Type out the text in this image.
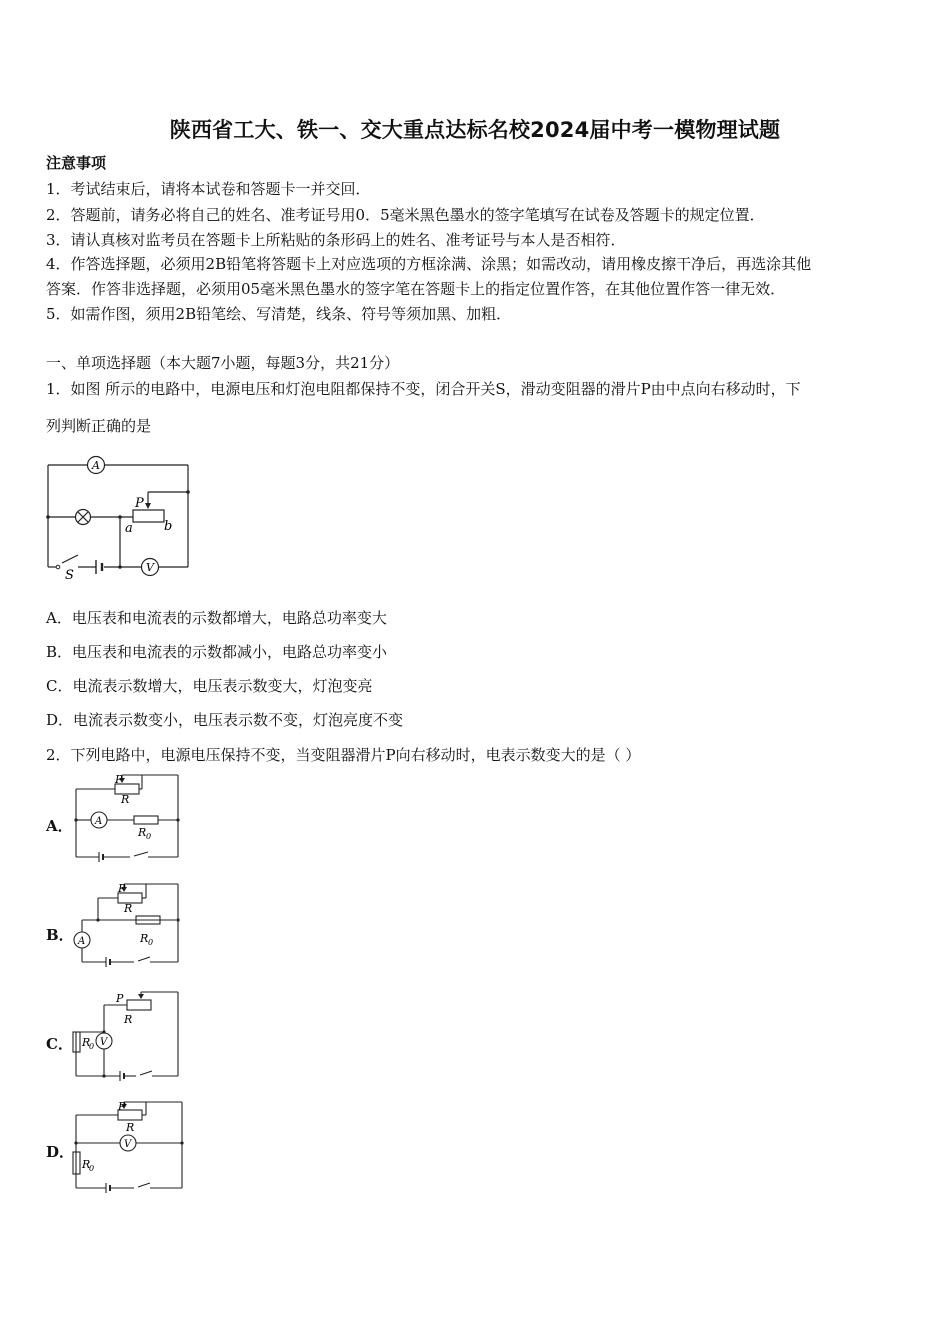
陕西省工大、铁一、交大重点达标名校2024届中考一模物理试题
注意事项
1．考试结束后，请将本试卷和答题卡一并交回．
2．答题前，请务必将自己的姓名、准考证号用0．5毫米黑色墨水的签字笔填写在试卷及答题卡的规定位置．
3．请认真核对监考员在答题卡上所粘贴的条形码上的姓名、准考证号与本人是否相符．
4．作答选择题，必须用2B铅笔将答题卡上对应选项的方框涂满、涂黑；如需改动，请用橡皮擦干净后，再选涂其他
答案．作答非选择题，必须用05毫米黑色墨水的签字笔在答题卡上的指定位置作答，在其他位置作答一律无效．
5．如需作图，须用2B铅笔绘、写清楚，线条、符号等须加黑、加粗．
一、单项选择题（本大题7小题，每题3分，共21分）
1．如图 所示的电路中，电源电压和灯泡电阻都保持不变，闭合开关S，滑动变阻器的滑片P由中点向右移动时，下
列判断正确的是
A
V
P
a b
S
A．电压表和电流表的示数都增大，电路总功率变大
B．电压表和电流表的示数都减小，电路总功率变小
C．电流表示数增大，电压表示数变大，灯泡变亮
D．电流表示数变小，电压表示数不变，灯泡亮度不变
2．下列电路中，电源电压保持不变，当变阻器滑片P向右移动时，电表示数变大的是（ ）
A． A
P
R
R 0
B． A
P
R
R 0
C．	V
P
R
R
0
D．	V
P
R
R
0
